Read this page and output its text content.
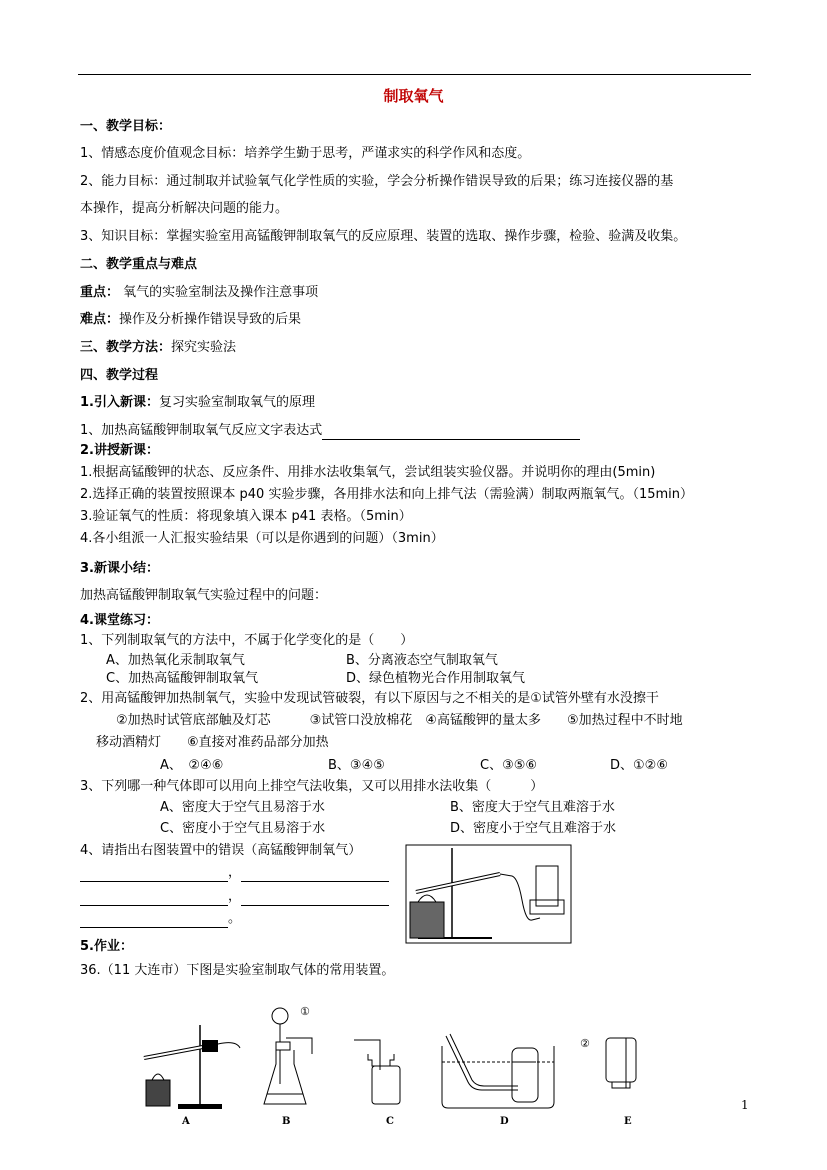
制取氧气
一、教学目标：
1、情感态度价值观念目标：培养学生勤于思考，严谨求实的科学作风和态度。
2、能力目标：通过制取并试验氧气化学性质的实验，学会分析操作错误导致的后果；练习连接仪器的基
本操作，提高分析解决问题的能力。
3、知识目标：掌握实验室用高锰酸钾制取氧气的反应原理、装置的选取、操作步骤，检验、验满及收集。
二、教学重点与难点
重点： 氧气的实验室制法及操作注意事项
难点：操作及分析操作错误导致的后果
三、教学方法：探究实验法
四、教学过程
1.引入新课：复习实验室制取氧气的原理
1、加热高锰酸钾制取氧气反应文字表达式
2.讲授新课：
1.根据高锰酸钾的状态、反应条件、用排水法收集氧气，尝试组装实验仪器。并说明你的理由(5min)
2.选择正确的装置按照课本 p40 实验步骤，各用排水法和向上排气法（需验满）制取两瓶氧气。（15min）
3.验证氧气的性质：将现象填入课本 p41 表格。（5min）
4.各小组派一人汇报实验结果（可以是你遇到的问题）（3min）
3.新课小结：
加热高锰酸钾制取氧气实验过程中的问题：
4.课堂练习：
1、下列制取氧气的方法中，不属于化学变化的是（　　）
A、加热氧化汞制取氧气	B、分离液态空气制取氧气
C、加热高锰酸钾制取氧气	D、绿色植物光合作用制取氧气
2、用高锰酸钾加热制氧气，实验中发现试管破裂，有以下原因与之不相关的是①试管外壁有水没擦干
②加热时试管底部触及灯芯　　　③试管口没放棉花　④高锰酸钾的量太多　　⑤加热过程中不时地
移动酒精灯　　⑥直接对准药品部分加热
A、　②④⑥	B、③④⑤	C、③⑤⑥	D、①②⑥
3、下列哪一种气体即可以用向上排空气法收集，又可以用排水法收集（　　　）
A、密度大于空气且易溶于水	B、密度大于空气且难溶于水
C、密度小于空气且易溶于水	D、密度小于空气且难溶于水
4、请指出右图装置中的错误（高锰酸钾制氧气）
，
，
。
5.作业：
36.（11 大连市）下图是实验室制取气体的常用装置。
A
①
B	C	D
②
E
1
